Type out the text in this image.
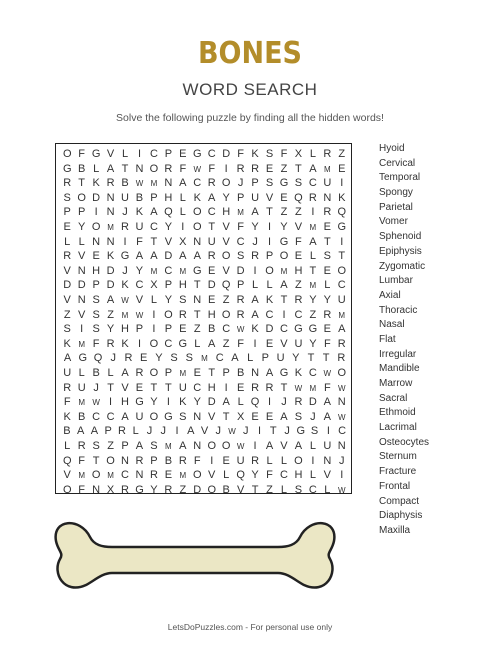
BONES
WORD SEARCH
Solve the following puzzle by finding all the hidden words!
O F G V L I C P E G C D F K S F X L R Z
G B L A T N O R F W F I R R E Z T A M E
R T K R B W M N A C R O J P S G S C U I
S O D N U B P H L K A Y P U V E Q R N K
P P I N J K A Q L O C H M A T Z Z I R Q
E Y O M R U C Y I O T V F Y I Y V M E G
L L N N I F T V X N U V C J I G F A T I
R V E K G A A D A A R O S R P O E L S T
V N H D J Y M C M G E V D I O M H T E O
D D P D K C X P H T D Q P L L A Z M L C
V N S A W V L Y S N E Z R A K T R Y Y U
Z V S Z M W I O R T H O R A C I C Z R M
S I S Y H P I P E Z B C W K D C G G E A
K M F R K I O C G L A Z F I E V U Y F R
A G Q J R E Y S S	M C A L P U Y T T R
U L B L A R O P M E T P B N A G K C W O
R U J T V E T T U C H I E R R T W M F W
F M W I H G Y I K Y D A L Q I J R D A N
K B C C A U O G S N V T X E E A S J A W
B A A P R L J J I A V J W J I T J G S I C
L R S Z P A S M A N O O W I A V A L U N
Q F T O N R P B R F I E U R L L O I N J
V M O M C N R E M O V L Q Y F C H L V I
O F N X R G Y R Z D O B V T Z L S C L W
Hyoid
Cervical
Temporal
Spongy
Parietal
Vomer
Sphenoid
Epiphysis
Zygomatic
Lumbar
Axial
Thoracic
Nasal
Flat
Irregular
Mandible
Marrow
Sacral
Ethmoid
Lacrimal
Osteocytes
Sternum
Fracture
Frontal
Compact
Diaphysis
Maxilla
LetsDoPuzzles.com - For personal use only
